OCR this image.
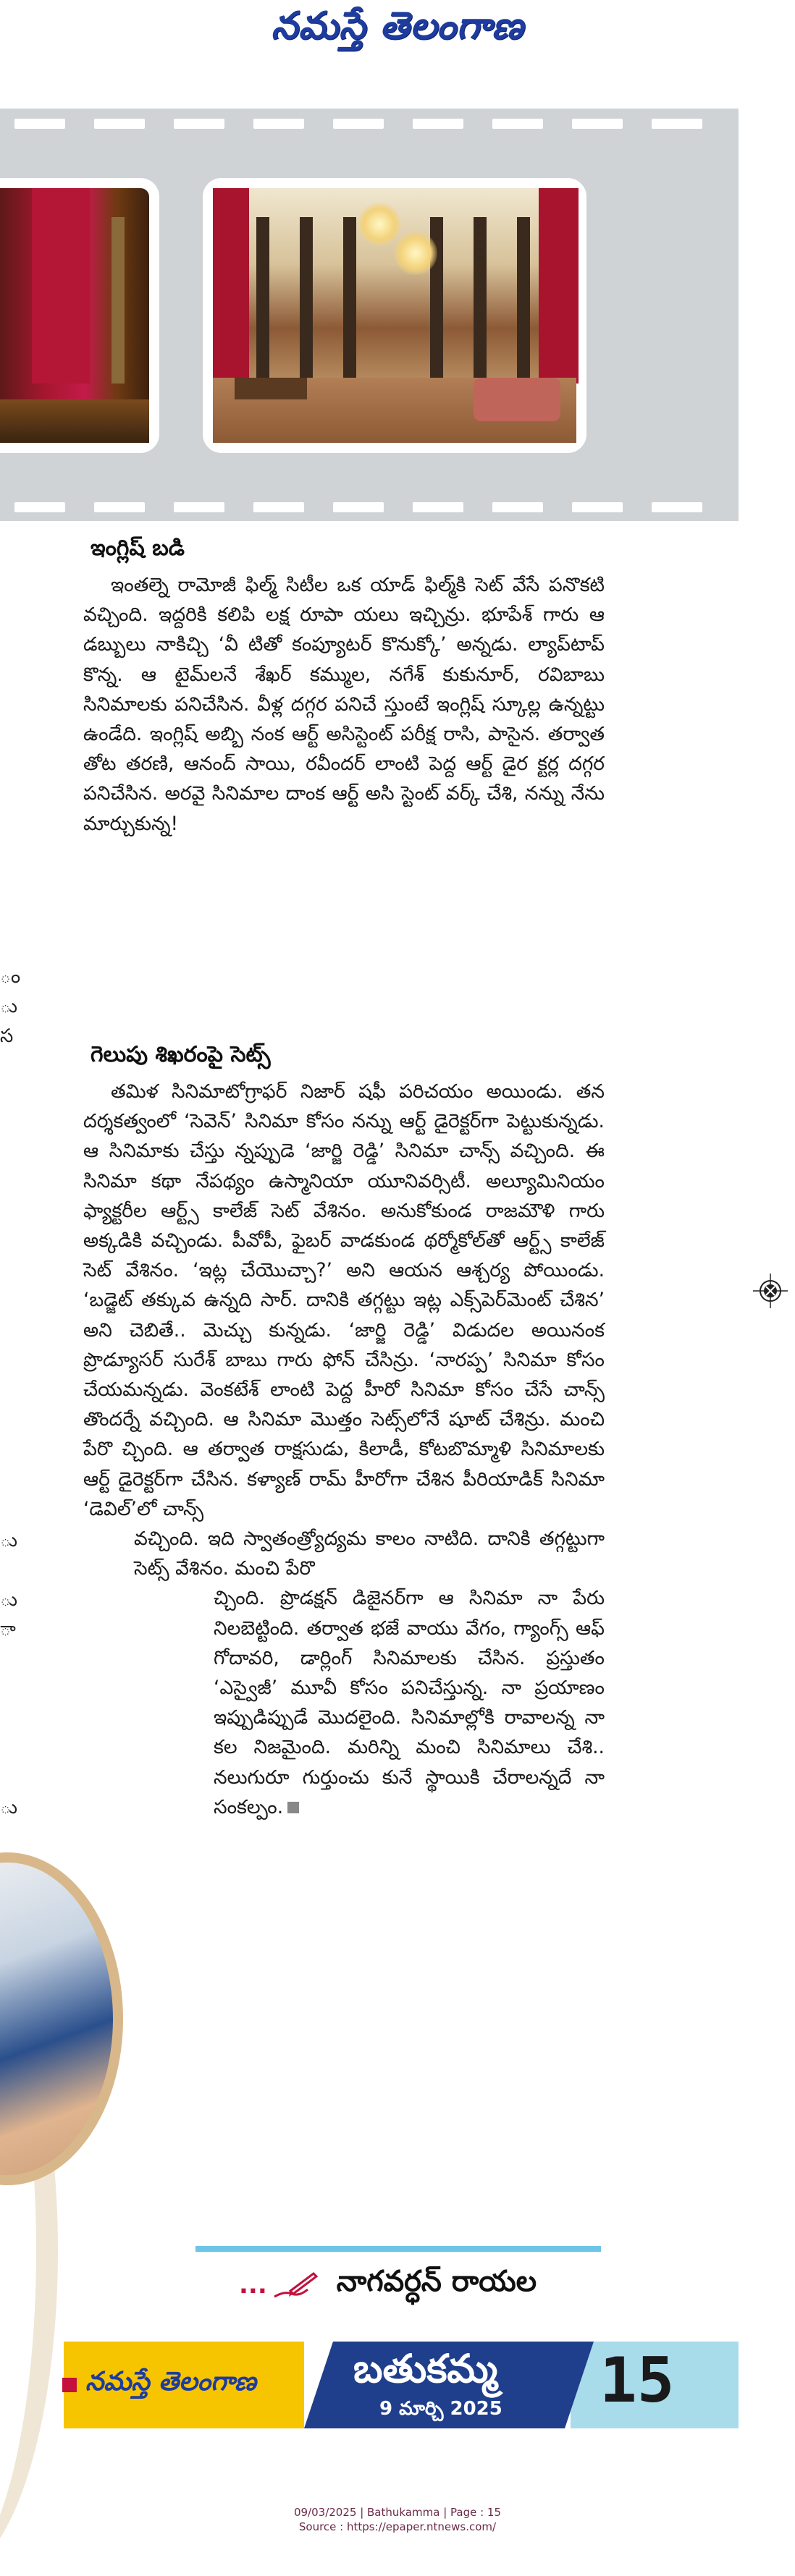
నమస్తే తెలంగాణ
ం
ు
స

ు

ు
ా

ు

ఇంగ్లిష్ బడి

ఇంతల్నె రామోజీ ఫిల్మ్ సిటీల ఒక యాడ్ ఫిల్మ్‌కి సెట్ వేసే పనొకటి వచ్చింది. ఇద్దరికి కలిపి లక్ష రూపా యలు ఇచ్చిన్రు. భూపేశ్ గారు ఆ డబ్బులు నాకిచ్చి ‘వీ టితో కంప్యూటర్ కొనుక్కో’ అన్నడు. ల్యాప్‌టాప్ కొన్న. ఆ టైమ్‌లనే శేఖర్ కమ్ముల, నగేశ్ కుకునూర్, రవిబాబు సినిమాలకు పనిచేసిన. వీళ్ల దగ్గర పనిచే స్తుంటే ఇంగ్లిష్ స్కూల్ల ఉన్నట్టు ఉండేది. ఇంగ్లిష్ అబ్బి నంక ఆర్ట్ అసిస్టెంట్ పరీక్ష రాసి, పాసైన. తర్వాత తోట తరణి, ఆనంద్ సాయి, రవీందర్ లాంటి పెద్ద ఆర్ట్ డైర క్టర్ల దగ్గర పనిచేసిన. అరవై సినిమాల దాంక ఆర్ట్ అసి స్టెంట్ వర్క్ చేశి, నన్ను నేను మార్చుకున్న!

గెలుపు శిఖరంపై సెట్స్

తమిళ సినిమాటోగ్రాఫర్ నిజార్ షఫీ పరిచయం అయిండు. తన దర్శకత్వంలో ‘సెవెన్’ సినిమా కోసం నన్ను ఆర్ట్ డైరెక్టర్‌గా పెట్టుకున్నడు. ఆ సినిమాకు చేస్తు న్నప్పుడె ‘జార్జి రెడ్డి’ సినిమా చాన్స్ వచ్చింది. ఈ సినిమా కథా నేపథ్యం ఉస్మానియా యూనివర్సిటీ. అల్యూమినియం ఫ్యాక్టరీల ఆర్ట్స్ కాలేజ్ సెట్ వేశినం. అనుకోకుండ రాజమౌళి గారు అక్కడికి వచ్చిండు. పీవోపీ, ఫైబర్ వాడకుండ థర్మోకోల్‌తో ఆర్ట్స్ కాలేజ్ సెట్ వేశినం. ‘ఇట్ల చేయొచ్చా?’ అని ఆయన ఆశ్చర్య పోయిండు. ‘బడ్జెట్ తక్కువ ఉన్నది సార్. దానికి తగ్గట్టు ఇట్ల ఎక్స్‌పెర్‌మెంట్ చేశిన’ అని చెబితే.. మెచ్చు కున్నడు. ‘జార్జి రెడ్డి’ విడుదల అయినంక ప్రొడ్యూసర్ సురేశ్ బాబు గారు ఫోన్ చేసిన్రు. ‘నారప్ప’ సినిమా కోసం చేయమన్నడు. వెంకటేశ్ లాంటి పెద్ద హీరో సినిమా కోసం చేసే చాన్స్ తొందర్నే వచ్చింది. ఆ సినిమా మొత్తం సెట్స్‌లోనే షూట్ చేశిన్రు. మంచి పేరొ చ్చింది. ఆ తర్వాత రాక్షసుడు, కిలాడీ, కోటబొమ్మాళి సినిమాలకు ఆర్ట్ డైరెక్టర్‌గా చేసిన. కళ్యాణ్ రామ్ హీరోగా చేశిన పీరియాడిక్ సినిమా ‘డెవిల్’లో చాన్స్

వచ్చింది. ఇది స్వాతంత్ర్యోద్యమ కాలం నాటిది. దానికి తగ్గట్టుగా సెట్స్ వేశినం. మంచి పేరొ

చ్చింది. ప్రొడక్షన్ డిజైనర్‌గా ఆ సినిమా నా పేరు నిలబెట్టింది. తర్వాత భజే వాయు వేగం, గ్యాంగ్స్ ఆఫ్ గోదావరి, డార్లింగ్ సినిమాలకు చేసిన. ప్రస్తుతం ‘ఎస్వైజీ’ మూవీ కోసం పనిచేస్తున్న. నా ప్రయాణం ఇప్పుడిప్పుడే మొదలైంది. సినిమాల్లోకి రావాలన్న నా కల నిజమైంది. మరిన్ని మంచి సినిమాలు చేశి.. నలుగురూ గుర్తుంచు కునే స్థాయికి చేరాలన్నదే నా సంకల్పం.

... నాగవర్ధన్ రాయల
నమస్తే తెలంగాణ బతుకమ్మ
9 మార్చి 2025 15
09/03/2025 | Bathukamma | Page : 15
Source : https://epaper.ntnews.com/
